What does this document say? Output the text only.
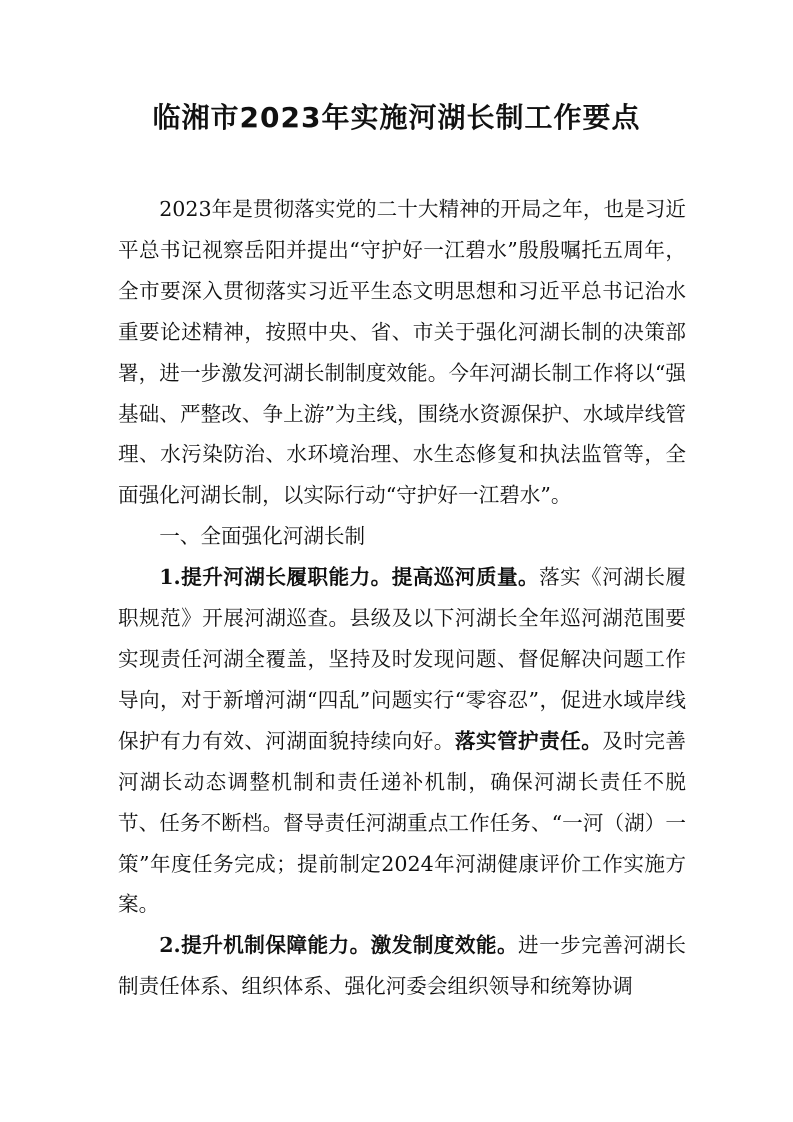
临湘市2023年实施河湖长制工作要点

2023年是贯彻落实党的二十大精神的开局之年，也是习近平总书记视察岳阳并提出“守护好一江碧水”殷殷嘱托五周年，全市要深入贯彻落实习近平生态文明思想和习近平总书记治水重要论述精神，按照中央、省、市关于强化河湖长制的决策部署，进一步激发河湖长制制度效能。今年河湖长制工作将以“强基础、严整改、争上游”为主线，围绕水资源保护、水域岸线管理、水污染防治、水环境治理、水生态修复和执法监管等，全面强化河湖长制，以实际行动“守护好一江碧水”。

一、全面强化河湖长制

1.提升河湖长履职能力。提高巡河质量。落实《河湖长履职规范》开展河湖巡查。县级及以下河湖长全年巡河湖范围要实现责任河湖全覆盖，坚持及时发现问题、督促解决问题工作导向，对于新增河湖“四乱”问题实行“零容忍”，促进水域岸线保护有力有效、河湖面貌持续向好。落实管护责任。及时完善河湖长动态调整机制和责任递补机制，确保河湖长责任不脱节、任务不断档。督导责任河湖重点工作任务、“一河（湖）一策”年度任务完成；提前制定2024年河湖健康评价工作实施方案。

2.提升机制保障能力。激发制度效能。进一步完善河湖长制责任体系、组织体系、强化河委会组织领导和统筹协调
